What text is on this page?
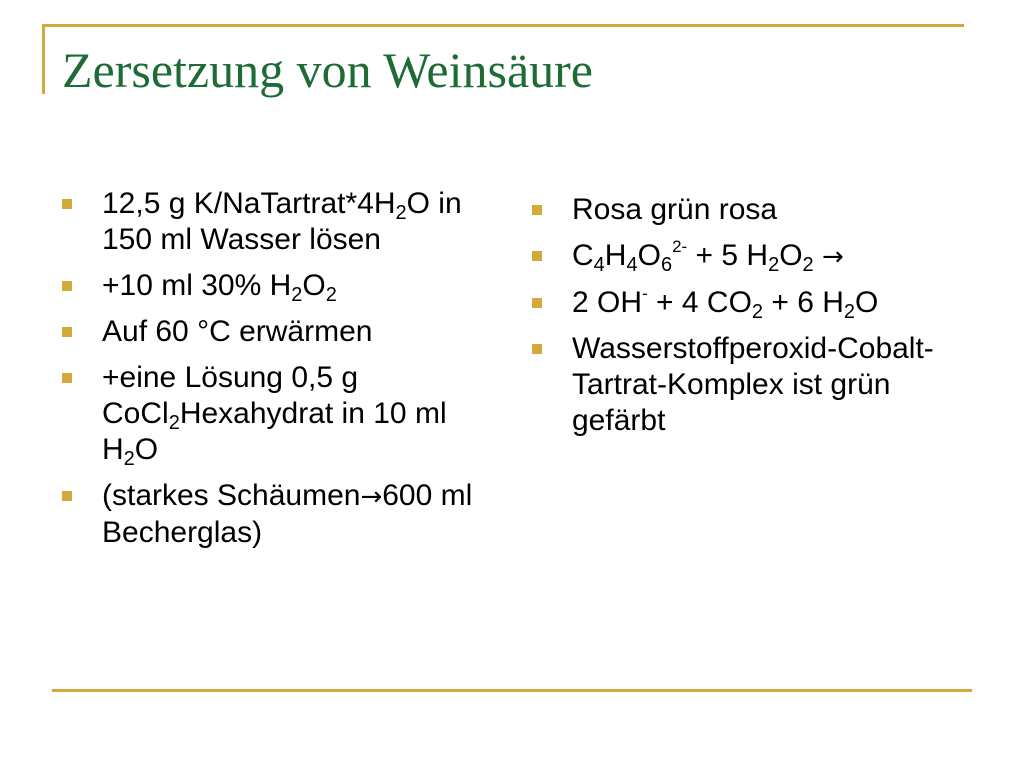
Zersetzung von Weinsäure
12,5 g $K/NaTartrat*4H_2O$ in 150 ml Wasser lösen
+10 ml 30% $H_2O_2$
Auf 60 °C erwärmen
+eine Lösung 0,5 g CoCl$_2$Hexahydrat in 10 ml $H_2O$
(starkes Schäumen→600 ml Becherglas)
Rosa grün rosa
$C_4H_4O_6^{2-} + 5$ $H_2O_2$ →
2 OH- + 4 $CO_2 + 6$ $H_2O$
Wasserstoffperoxid-Cobalt-Tartrat-Komplex ist grün gefärbt
